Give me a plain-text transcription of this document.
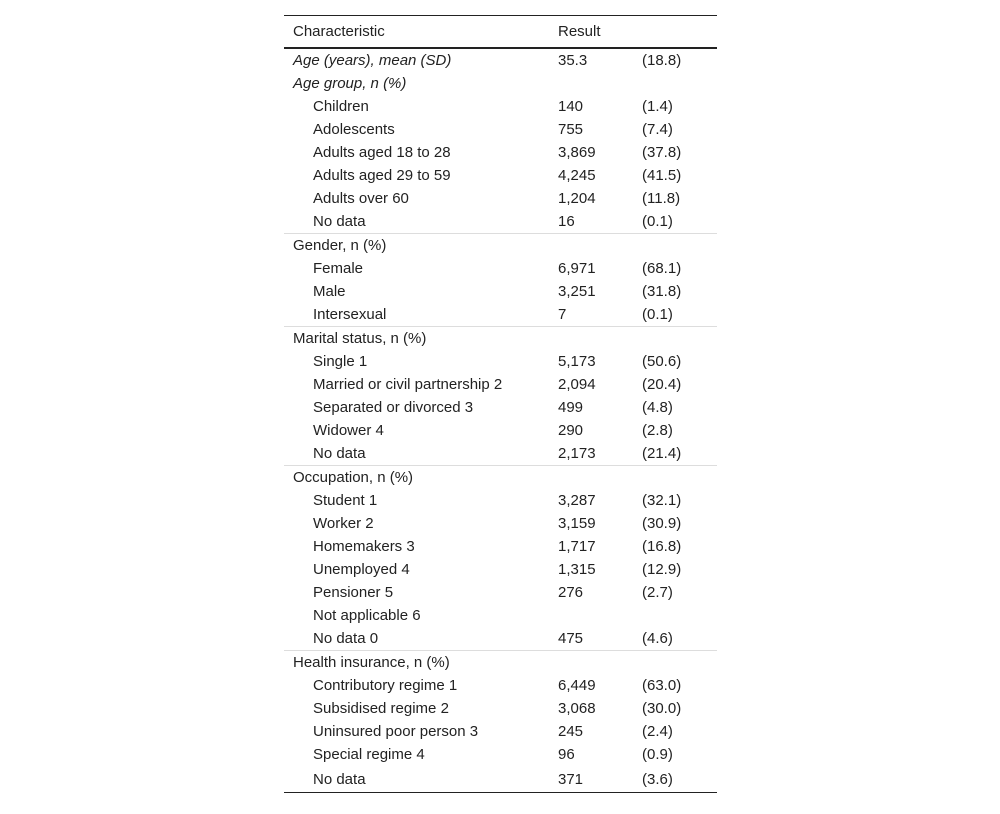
Characteristic	Result	
Age (years), mean (SD)	35.3	(18.8)
Age group, n (%)		
Children	140	(1.4)
Adolescents	755	(7.4)
Adults aged 18 to 28	3,869	(37.8)
Adults aged 29 to 59	4,245	(41.5)
Adults over 60	1,204	(11.8)
No data	16	(0.1)
Gender, n (%)		
Female	6,971	(68.1)
Male	3,251	(31.8)
Intersexual	7	(0.1)
Marital status, n (%)		
Single 1	5,173	(50.6)
Married or civil partnership 2	2,094	(20.4)
Separated or divorced 3	499	(4.8)
Widower 4	290	(2.8)
No data	2,173	(21.4)
Occupation, n (%)		
Student 1	3,287	(32.1)
Worker 2	3,159	(30.9)
Homemakers 3	1,717	(16.8)
Unemployed 4	1,315	(12.9)
Pensioner 5	276	(2.7)
Not applicable 6		
No data 0	475	(4.6)
Health insurance, n (%)		
Contributory regime 1	6,449	(63.0)
Subsidised regime 2	3,068	(30.0)
Uninsured poor person 3	245	(2.4)
Special regime 4	96	(0.9)
No data	371	(3.6)
